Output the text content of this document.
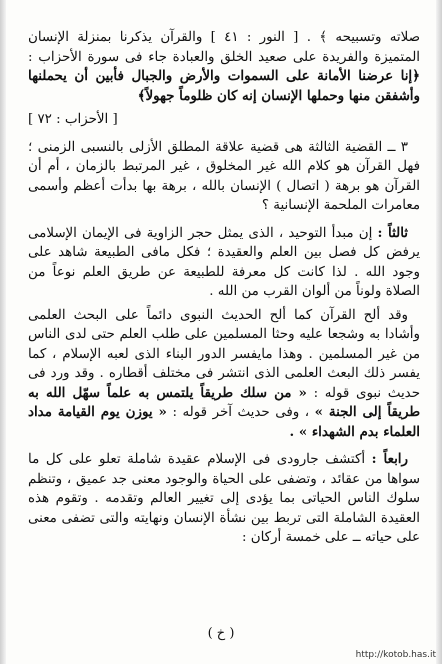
صلاته وتسبيحه ﴾ . [ النور : ٤١ ] والقرآن يذكرنا بمنزلة الإنسان المتميزة والفريدة على صعيد الخلق والعبادة جاء فى سورة الأحزاب : ﴿إنا عرضنا الأمانة على السموات والأرض والجبال فأبين أن يحملنها وأشفقن منها وحملها الإنسان إنه كان ظلوماً جهولاً﴾

[ الأحزاب : ٧٢ ]

٣ ــ القضية الثالثة هى قضية علاقة المطلق الأزلى بالنسبى الزمنى ؛ فهل القرآن هو كلام الله غير المخلوق ، غير المرتبط بالزمان ، أم أن القرآن هو برهة ( اتصال ) الإنسان بالله ، برهة بها بدأت أعظم وأسمى معامرات الملحمة الإنسانية ؟

ثالثاً : إن مبدأ التوحيد ، الذى يمثل حجر الزاوية فى الإيمان الإسلامى يرفض كل فصل بين العلم والعقيدة ؛ فكل مافى الطبيعة شاهد على وجود الله . لذا كانت كل معرفة للطبيعة عن طريق العلم نوعاً من الصلاة ولوناً من ألوان القرب من الله .

وقد ألح القرآن كما ألح الحديث النبوى دائماً على البحث العلمى وأشادا به وشجعا عليه وحثا المسلمين على طلب العلم حتى لدى الناس من غير المسلمين . وهذا مايفسر الدور البناء الذى لعبه الإسلام ، كما يفسر ذلك البعث العلمى الذى انتشر فى مختلف أقطاره . وقد ورد فى حديث نبوى قوله : « من سلك طريقاً يلتمس به علماً سهّل الله به طريقاً إلى الجنة » ، وفى حديث آخر قوله : « يوزن يوم القيامة مداد العلماء بدم الشهداء » .

رابعاً : أكتشف جارودى فى الإسلام عقيدة شاملة تعلو على كل ما سواها من عقائد ، وتضفى على الحياة والوجود معنى جد عميق ، وتنظم سلوك الناس الحياتى بما يؤدى إلى تغيير العالم وتقدمه . وتقوم هذه العقيدة الشاملة التى تربط بين نشأة الإنسان ونهايته والتى تضفى معنى على حياته ــ على خمسة أركان :

( خ )
http://kotob.has.it
